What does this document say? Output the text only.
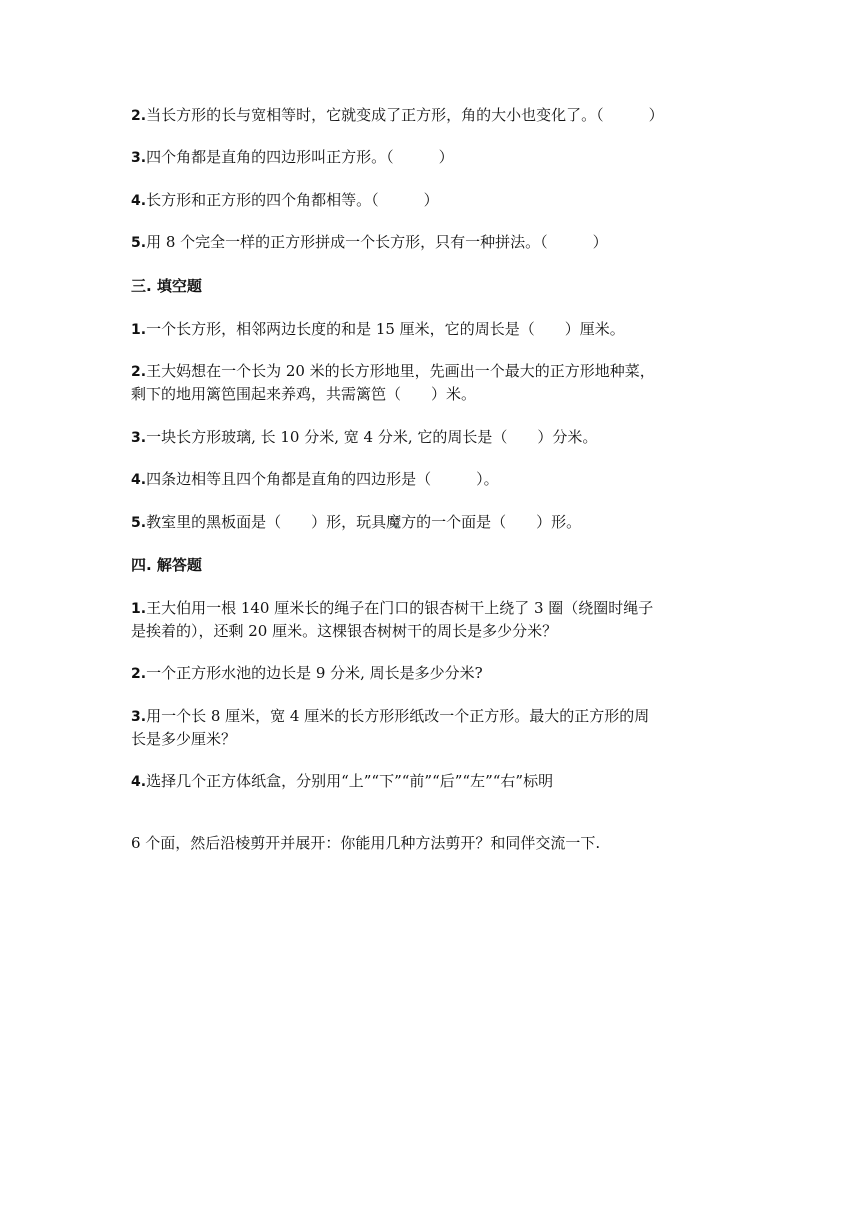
2.当长方形的长与宽相等时，它就变成了正方形，角的大小也变化了。（　　　）
3.四个角都是直角的四边形叫正方形。（　　　）
4.长方形和正方形的四个角都相等。（　　　）
5.用 8 个完全一样的正方形拼成一个长方形，只有一种拼法。（　　　）
三. 填空题
1.一个长方形，相邻两边长度的和是 15 厘米，它的周长是（　　）厘米。
2.王大妈想在一个长为 20 米的长方形地里，先画出一个最大的正方形地种菜，
剩下的地用篱笆围起来养鸡，共需篱笆（　　）米。
3.一块长方形玻璃, 长 10 分米, 宽 4 分米, 它的周长是（　　）分米。
4.四条边相等且四个角都是直角的四边形是（　　　）。
5.教室里的黑板面是（　　）形，玩具魔方的一个面是（　　）形。
四. 解答题
1.王大伯用一根 140 厘米长的绳子在门口的银杏树干上绕了 3 圈（绕圈时绳子
是挨着的），还剩 20 厘米。这棵银杏树树干的周长是多少分米？
2.一个正方形水池的边长是 9 分米, 周长是多少分米?
3.用一个长 8 厘米，宽 4 厘米的长方形形纸改一个正方形。最大的正方形的周
长是多少厘米？
4.选择几个正方体纸盒，分别用“上”“下”“前”“后”“左”“右”标明
6 个面，然后沿棱剪开并展开：你能用几种方法剪开？和同伴交流一下.
